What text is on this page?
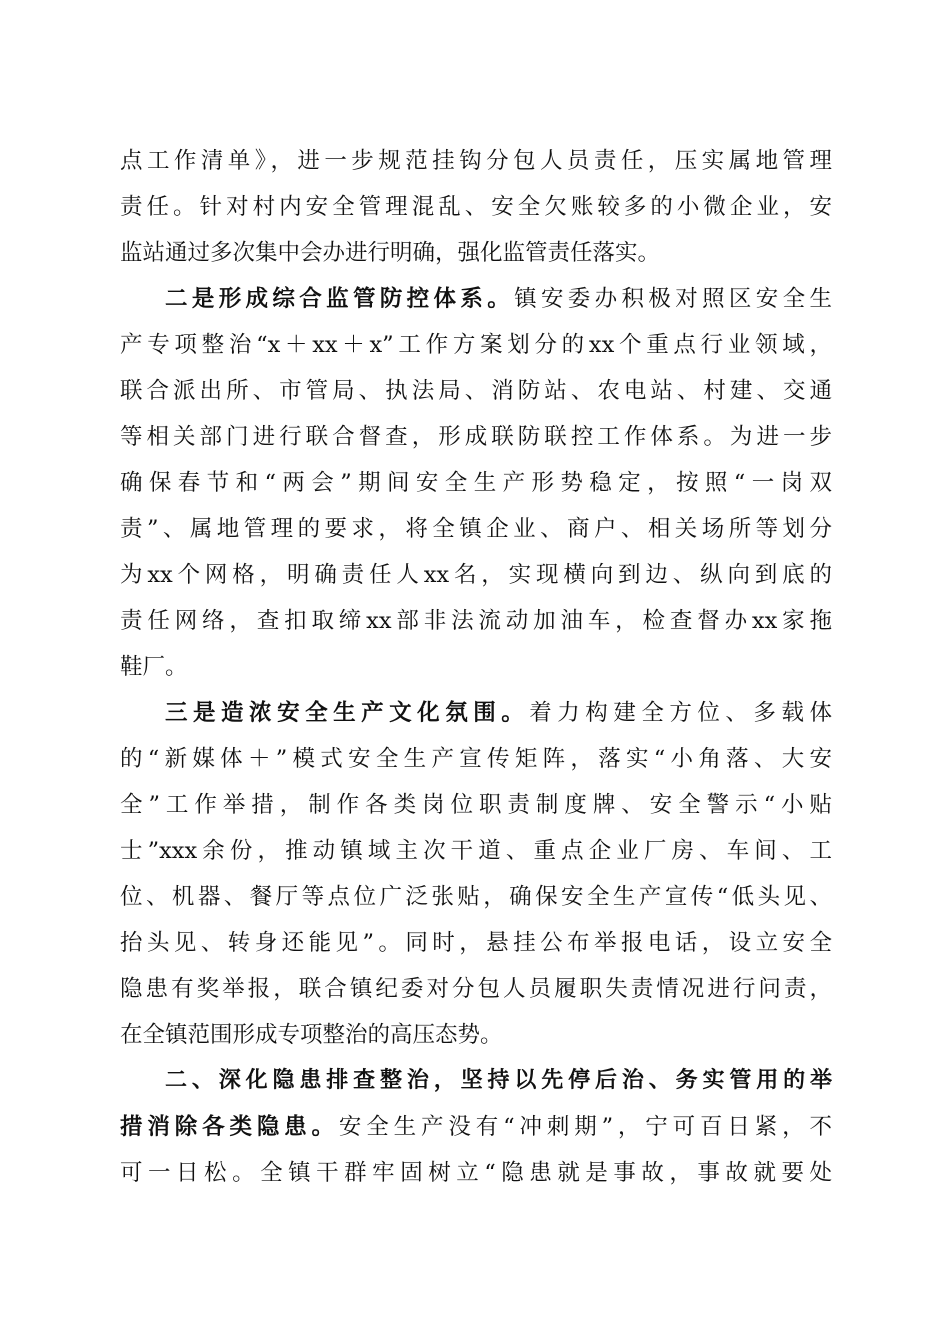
点工作清单》，进一步规范挂钩分包人员责任，压实属地管理
责任。针对村内安全管理混乱、安全欠账较多的小微企业，安
监站通过多次集中会办进行明确，强化监管责任落实。
二是形成综合监管防控体系。镇安委办积极对照区安全生
产专项整治“x＋xx＋x”工作方案划分的xx个重点行业领域，
联合派出所、市管局、执法局、消防站、农电站、村建、交通
等相关部门进行联合督查，形成联防联控工作体系。为进一步
确保春节和“两会”期间安全生产形势稳定，按照“一岗双
责”、属地管理的要求，将全镇企业、商户、相关场所等划分
为xx个网格，明确责任人xx名，实现横向到边、纵向到底的
责任网络，查扣取缔xx部非法流动加油车，检查督办xx家拖
鞋厂。
三是造浓安全生产文化氛围。着力构建全方位、多载体
的“新媒体＋”模式安全生产宣传矩阵，落实“小角落、大安
全”工作举措，制作各类岗位职责制度牌、安全警示“小贴
士”xxx余份，推动镇域主次干道、重点企业厂房、车间、工
位、机器、餐厅等点位广泛张贴，确保安全生产宣传“低头见、
抬头见、转身还能见”。同时，悬挂公布举报电话，设立安全
隐患有奖举报，联合镇纪委对分包人员履职失责情况进行问责，
在全镇范围形成专项整治的高压态势。
二、深化隐患排查整治，坚持以先停后治、务实管用的举
措消除各类隐患。安全生产没有“冲刺期”，宁可百日紧，不
可一日松。全镇干群牢固树立“隐患就是事故，事故就要处
